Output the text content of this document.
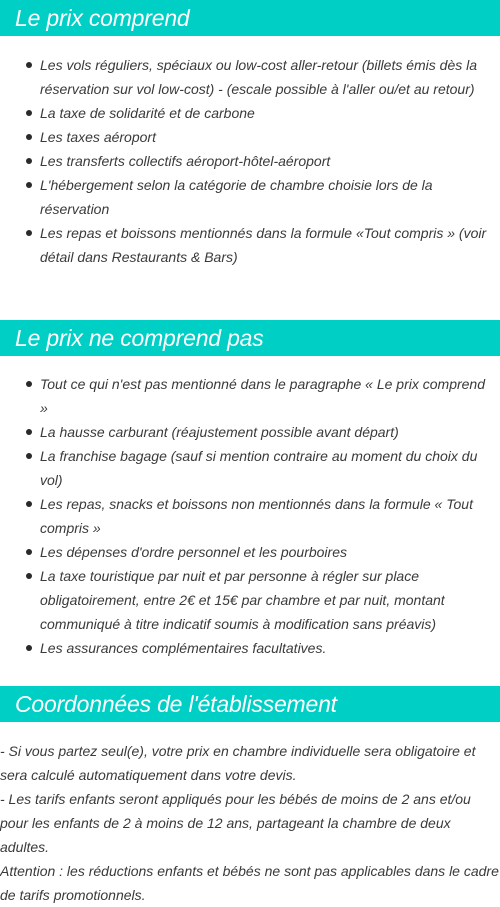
Le prix comprend
Les vols réguliers, spéciaux ou low-cost aller-retour (billets émis dès la réservation sur vol low-cost) - (escale possible à l'aller ou/et au retour)
La taxe de solidarité et de carbone
Les taxes aéroport
Les transferts collectifs aéroport-hôtel-aéroport
L'hébergement selon la catégorie de chambre choisie lors de la réservation
Les repas et boissons mentionnés dans la formule «Tout compris » (voir détail dans Restaurants & Bars)
Le prix ne comprend pas
Tout ce qui n'est pas mentionné dans le paragraphe « Le prix comprend »
La hausse carburant (réajustement possible avant départ)
La franchise bagage (sauf si mention contraire au moment du choix du vol)
Les repas, snacks et boissons non mentionnés dans la formule « Tout compris »
Les dépenses d'ordre personnel et les pourboires
La taxe touristique par nuit et par personne à régler sur place obligatoirement, entre 2€ et 15€ par chambre et par nuit, montant communiqué à titre indicatif soumis à modification sans préavis)
Les assurances complémentaires facultatives.
Coordonnées de l'établissement

- Si vous partez seul(e), votre prix en chambre individuelle sera obligatoire et sera calculé automatiquement dans votre devis.

- Les tarifs enfants seront appliqués pour les bébés de moins de 2 ans et/ou pour les enfants de 2 à moins de 12 ans, partageant la chambre de deux adultes.

Attention : les réductions enfants et bébés ne sont pas applicables dans le cadre de tarifs promotionnels.
